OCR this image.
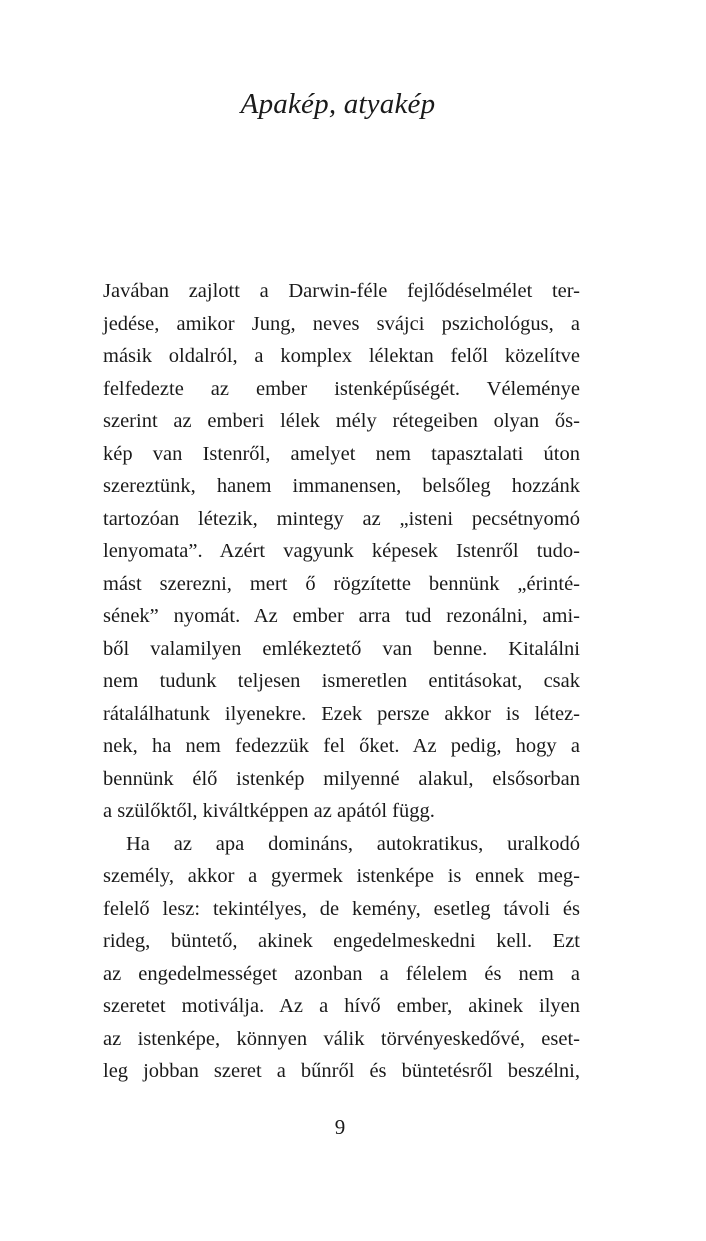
Apakép, atyakép
Javában zajlott a Darwin-féle fejlődéselmélet ter-
jedése, amikor Jung, neves svájci pszichológus, a
másik oldalról, a komplex lélektan felől közelítve
felfedezte az ember istenképűségét. Véleménye
szerint az emberi lélek mély rétegeiben olyan ős-
kép van Istenről, amelyet nem tapasztalati úton
szereztünk, hanem immanensen, belsőleg hozzánk
tartozóan létezik, mintegy az „isteni pecsétnyomó
lenyomata”. Azért vagyunk képesek Istenről tudo-
mást szerezni, mert ő rögzítette bennünk „érinté-
sének” nyomát. Az ember arra tud rezonálni, ami-
ből valamilyen emlékeztető van benne. Kitalálni
nem tudunk teljesen ismeretlen entitásokat, csak
rátalálhatunk ilyenekre. Ezek persze akkor is létez-
nek, ha nem fedezzük fel őket. Az pedig, hogy a
bennünk élő istenkép milyenné alakul, elsősorban
a szülőktől, kiváltképpen az apától függ.
Ha az apa domináns, autokratikus, uralkodó
személy, akkor a gyermek istenképe is ennek meg-
felelő lesz: tekintélyes, de kemény, esetleg távoli és
rideg, büntető, akinek engedelmeskedni kell. Ezt
az engedelmességet azonban a félelem és nem a
szeretet motiválja. Az a hívő ember, akinek ilyen
az istenképe, könnyen válik törvényeskedővé, eset-
leg jobban szeret a bűnről és büntetésről beszélni,
9
